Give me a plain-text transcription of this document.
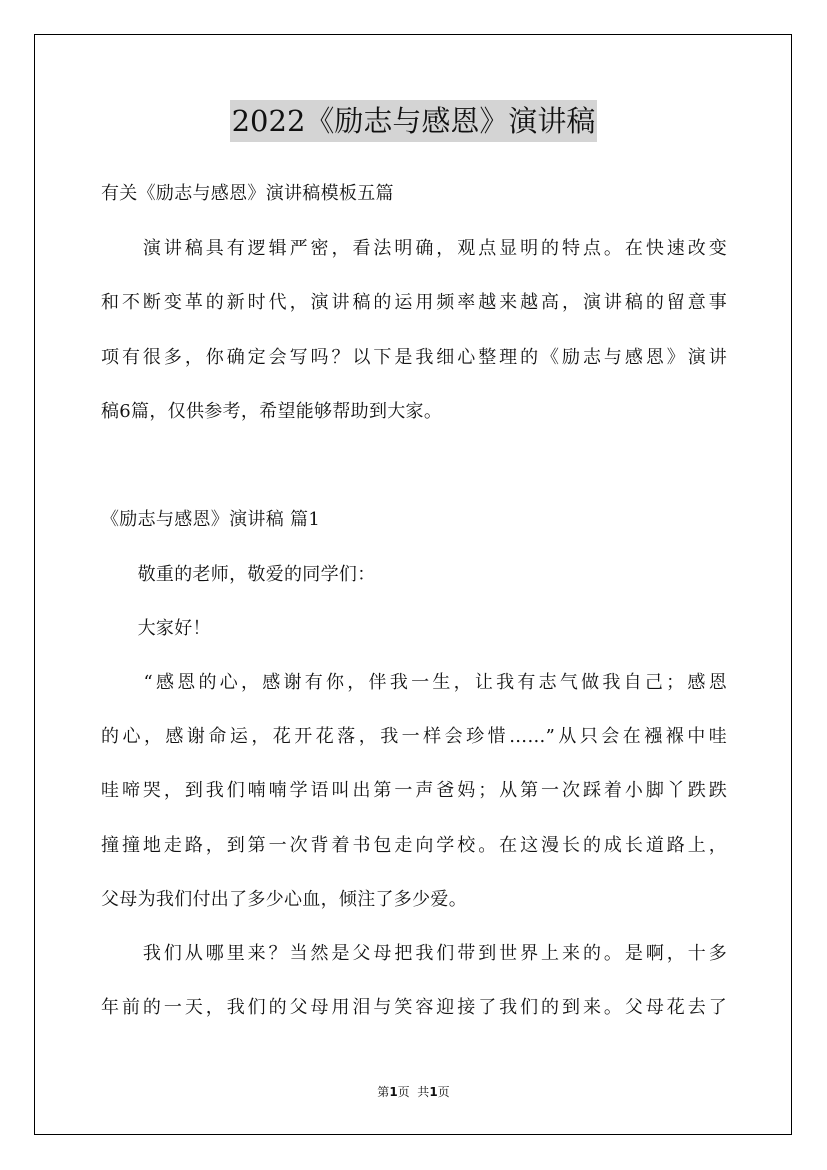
2022《励志与感恩》演讲稿
有关《励志与感恩》演讲稿模板五篇
　　演讲稿具有逻辑严密，看法明确，观点显明的特点。在快速改变
和不断变革的新时代，演讲稿的运用频率越来越高，演讲稿的留意事
项有很多，你确定会写吗？以下是我细心整理的《励志与感恩》演讲
稿6篇，仅供参考，希望能够帮助到大家。
《励志与感恩》演讲稿 篇1
　　敬重的老师，敬爱的同学们：
　　大家好！
　　“感恩的心，感谢有你，伴我一生，让我有志气做我自己；感恩
的心，感谢命运，花开花落，我一样会珍惜……”从只会在襁褓中哇
哇啼哭，到我们喃喃学语叫出第一声爸妈；从第一次踩着小脚丫跌跌
撞撞地走路，到第一次背着书包走向学校。在这漫长的成长道路上，
父母为我们付出了多少心血，倾注了多少爱。
　　我们从哪里来？当然是父母把我们带到世界上来的。是啊，十多
年前的一天，我们的父母用泪与笑容迎接了我们的到来。父母花去了
第1页  共1页
